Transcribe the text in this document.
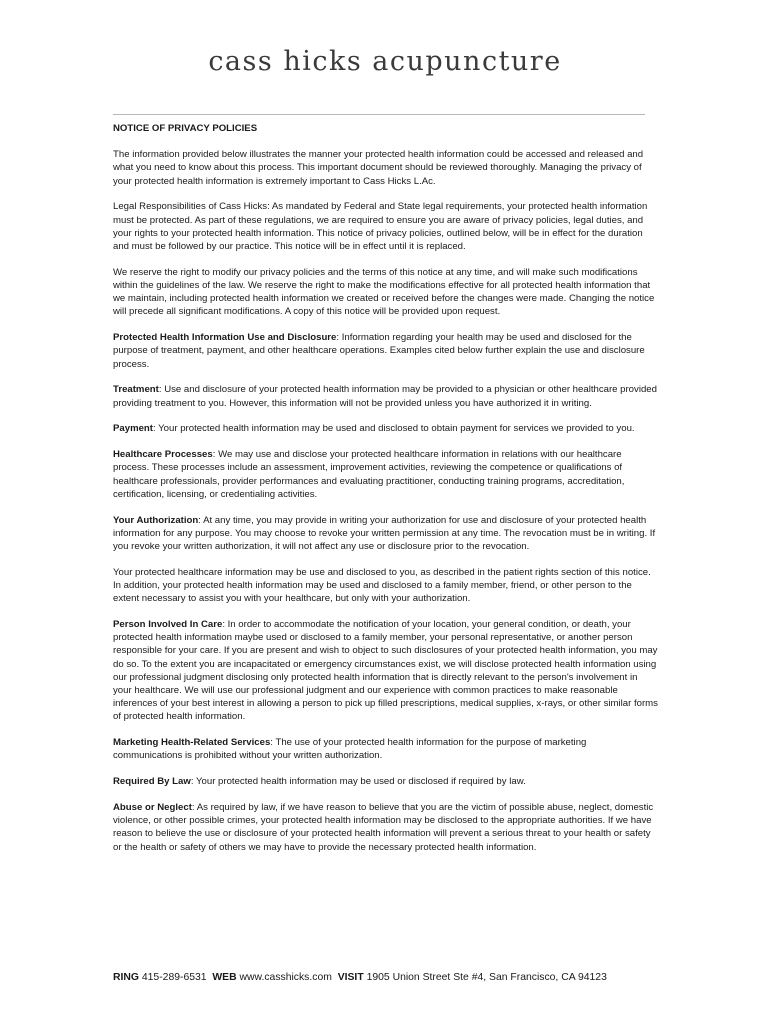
cass hicks acupuncture
NOTICE OF PRIVACY POLICIES

The information provided below illustrates the manner your protected health information could be accessed and released and what you need to know about this process. This important document should be reviewed thoroughly. Managing the privacy of your protected health information is extremely important to Cass Hicks L.Ac.

Legal Responsibilities of Cass Hicks: As mandated by Federal and State legal requirements, your protected health information must be protected. As part of these regulations, we are required to ensure you are aware of privacy policies, legal duties, and your rights to your protected health information. This notice of privacy policies, outlined below, will be in effect for the duration and must be followed by our practice. This notice will be in effect until it is replaced.

We reserve the right to modify our privacy policies and the terms of this notice at any time, and will make such modifications within the guidelines of the law. We reserve the right to make the modifications effective for all protected health information that we maintain, including protected health information we created or received before the changes were made. Changing the notice will precede all significant modifications. A copy of this notice will be provided upon request.

Protected Health Information Use and Disclosure: Information regarding your health may be used and disclosed for the purpose of treatment, payment, and other healthcare operations. Examples cited below further explain the use and disclosure process.

Treatment: Use and disclosure of your protected health information may be provided to a physician or other healthcare provided providing treatment to you. However, this information will not be provided unless you have authorized it in writing.

Payment: Your protected health information may be used and disclosed to obtain payment for services we provided to you.

Healthcare Processes: We may use and disclose your protected healthcare information in relations with our healthcare process. These processes include an assessment, improvement activities, reviewing the competence or qualifications of healthcare professionals, provider performances and evaluating practitioner, conducting training programs, accreditation, certification, licensing, or credentialing activities.

Your Authorization: At any time, you may provide in writing your authorization for use and disclosure of your protected health information for any purpose. You may choose to revoke your written permission at any time. The revocation must be in writing. If you revoke your written authorization, it will not affect any use or disclosure prior to the revocation.

Your protected healthcare information may be use and disclosed to you, as described in the patient rights section of this notice. In addition, your protected health information may be used and disclosed to a family member, friend, or other person to the extent necessary to assist you with your healthcare, but only with your authorization.

Person Involved In Care: In order to accommodate the notification of your location, your general condition, or death, your protected health information maybe used or disclosed to a family member, your personal representative, or another person responsible for your care. If you are present and wish to object to such disclosures of your protected health information, you may do so. To the extent you are incapacitated or emergency circumstances exist, we will disclose protected health information using our professional judgment disclosing only protected health information that is directly relevant to the person's involvement in your healthcare. We will use our professional judgment and our experience with common practices to make reasonable inferences of your best interest in allowing a person to pick up filled prescriptions, medical supplies, x-rays, or other similar forms of protected health information.

Marketing Health-Related Services: The use of your protected health information for the purpose of marketing communications is prohibited without your written authorization.

Required By Law: Your protected health information may be used or disclosed if required by law.

Abuse or Neglect: As required by law, if we have reason to believe that you are the victim of possible abuse, neglect, domestic violence, or other possible crimes, your protected health information may be disclosed to the appropriate authorities. If we have reason to believe the use or disclosure of your protected health information will prevent a serious threat to your health or safety or the health or safety of others we may have to provide the necessary protected health information.

RING 415-289-6531 WEB www.casshicks.com VISIT 1905 Union Street Ste #4, San Francisco, CA 94123
